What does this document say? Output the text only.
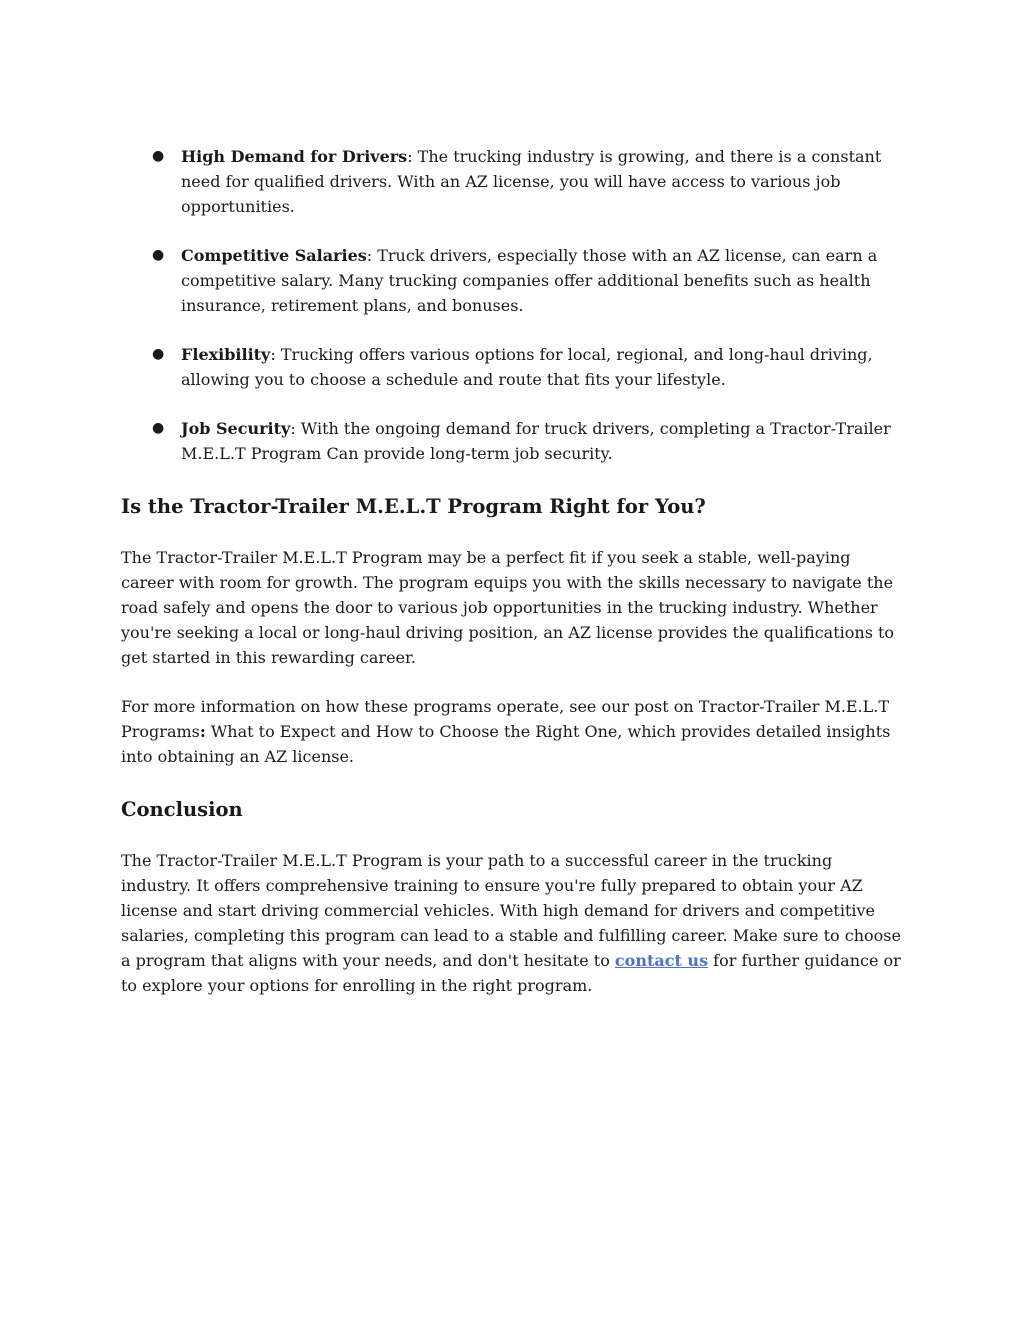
● High Demand for Drivers: The trucking industry is growing, and there is a constant need for qualified drivers. With an AZ license, you will have access to various job opportunities.
● Competitive Salaries: Truck drivers, especially those with an AZ license, can earn a competitive salary. Many trucking companies offer additional benefits such as health insurance, retirement plans, and bonuses.
● Flexibility: Trucking offers various options for local, regional, and long-haul driving, allowing you to choose a schedule and route that fits your lifestyle.
● Job Security: With the ongoing demand for truck drivers, completing a Tractor-Trailer M.E.L.T Program Can provide long-term job security.
Is the Tractor-Trailer M.E.L.T Program Right for You?

The Tractor-Trailer M.E.L.T Program may be a perfect fit if you seek a stable, well-paying career with room for growth. The program equips you with the skills necessary to navigate the road safely and opens the door to various job opportunities in the trucking industry. Whether you're seeking a local or long-haul driving position, an AZ license provides the qualifications to get started in this rewarding career.

For more information on how these programs operate, see our post on Tractor-Trailer M.E.L.T Programs: What to Expect and How to Choose the Right One, which provides detailed insights into obtaining an AZ license.

Conclusion

The Tractor-Trailer M.E.L.T Program is your path to a successful career in the trucking industry. It offers comprehensive training to ensure you're fully prepared to obtain your AZ license and start driving commercial vehicles. With high demand for drivers and competitive salaries, completing this program can lead to a stable and fulfilling career. Make sure to choose a program that aligns with your needs, and don't hesitate to contact us for further guidance or to explore your options for enrolling in the right program.
